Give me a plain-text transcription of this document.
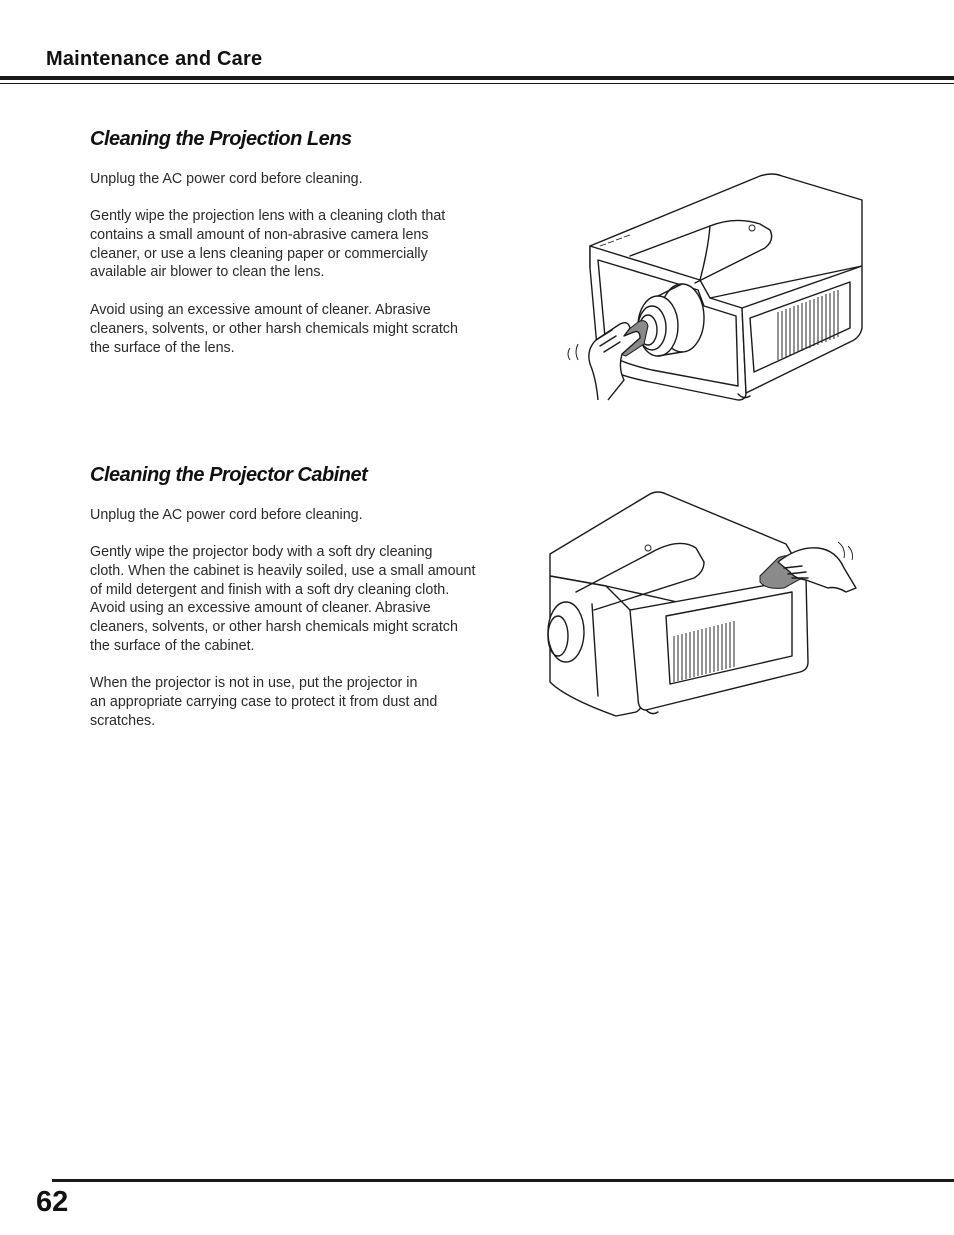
Maintenance and Care
Cleaning the Projection Lens
Unplug the AC power cord before cleaning.
Gently wipe the projection lens with a cleaning cloth that
contains a small amount of non-abrasive camera lens
cleaner, or use a lens cleaning paper or commercially
available air blower to clean the lens.
Avoid using an excessive amount of cleaner. Abrasive
cleaners, solvents, or other harsh chemicals might scratch
the surface of the lens.
Cleaning the Projector Cabinet
Unplug the AC power cord before cleaning.
Gently wipe the projector body with a soft dry cleaning
cloth. When the cabinet is heavily soiled, use a small amount
of mild detergent and finish with a soft dry cleaning cloth.
Avoid using an excessive amount of cleaner. Abrasive
cleaners, solvents, or other harsh chemicals might scratch
the surface of the cabinet.
When the projector is not in use, put the projector in
an appropriate carrying case to protect it from dust and
scratches.
62
